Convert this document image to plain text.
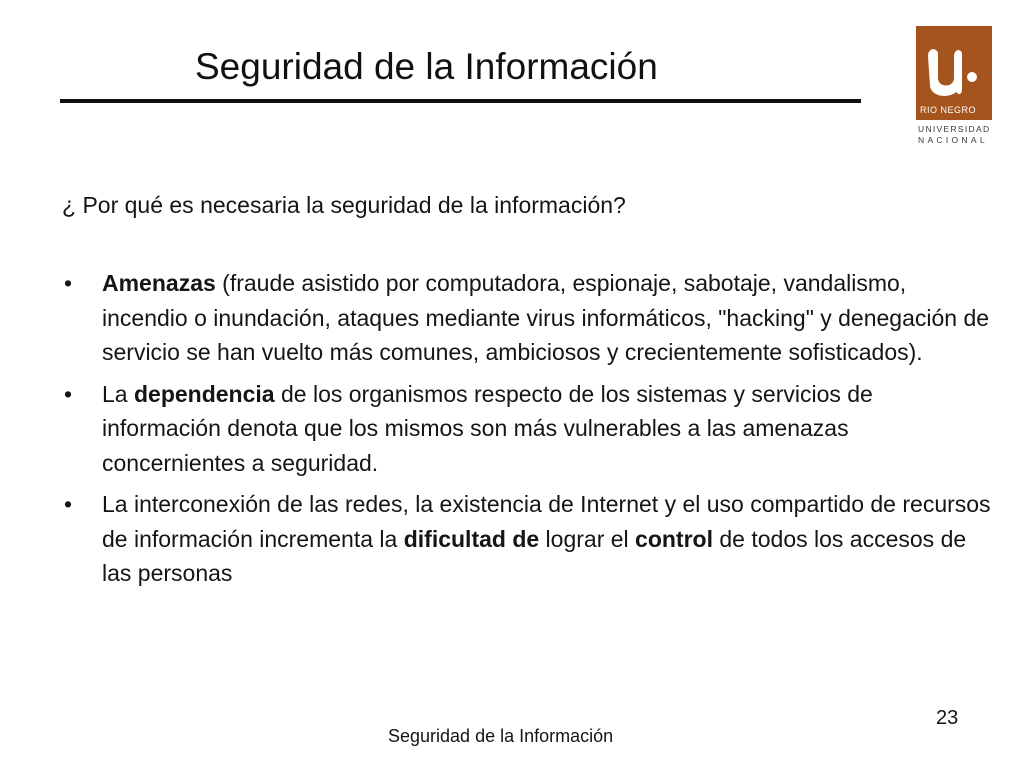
Seguridad de la Información
RIO NEGRO
UNIVERSIDAD
NACIONAL
¿ Por qué es necesaria la seguridad de la información?
• Amenazas (fraude asistido por computadora, espionaje, sabotaje, vandalismo, incendio o inundación, ataques mediante virus informáticos, "hacking" y denegación de servicio se han vuelto más comunes, ambiciosos y crecientemente sofisticados).
• La dependencia de los organismos respecto de los sistemas y servicios de información denota que los mismos son más vulnerables a las amenazas concernientes a seguridad.
• La interconexión de las redes, la existencia de Internet y el uso compartido de recursos de información incrementa la dificultad de lograr el control de todos los accesos de las personas
23
Seguridad de la Información
